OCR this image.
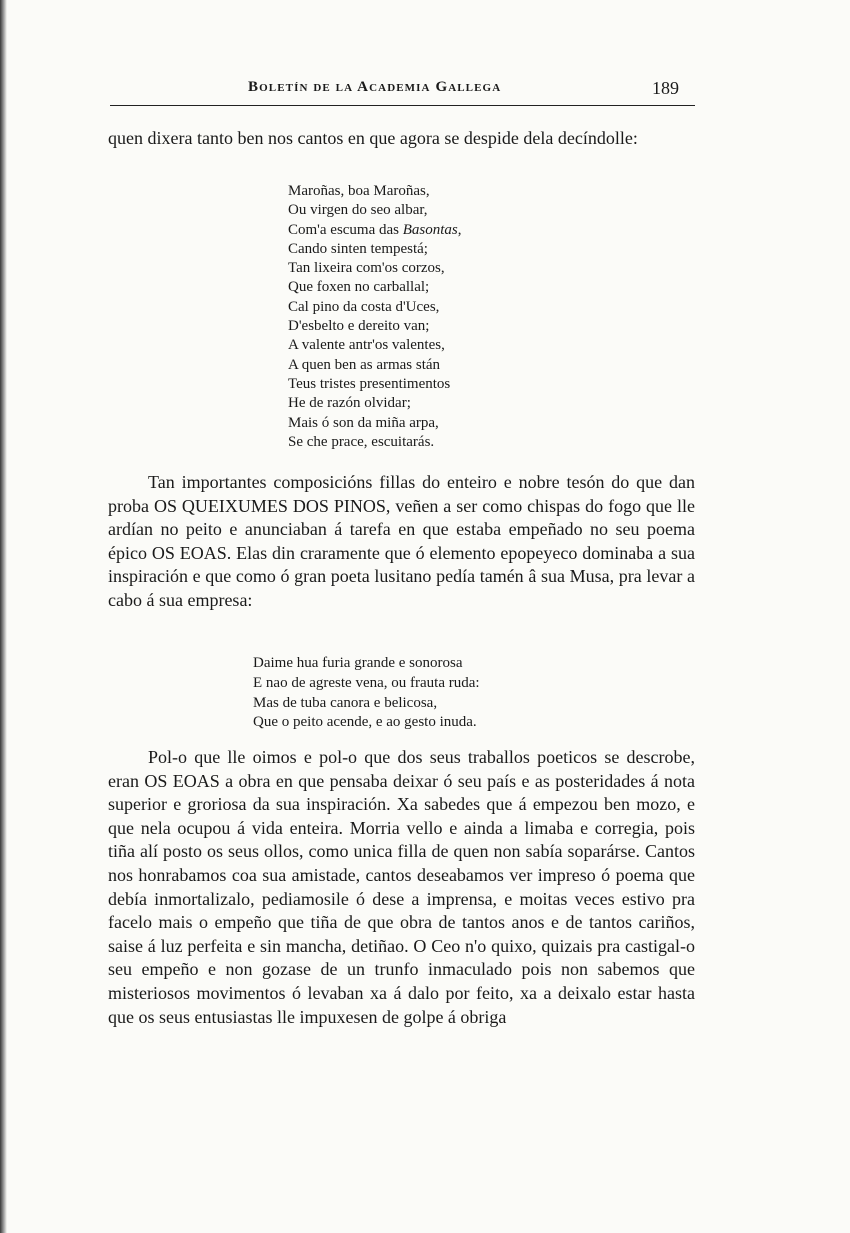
Boletín de la Academia Gallega	189

quen dixera tanto ben nos cantos en que agora se despide dela decíndolle:

Maroñas, boa Maroñas,
Ou virgen do seo albar,
Com'a escuma das Basontas,
Cando sinten tempestá;
Tan lixeira com'os corzos,
Que foxen no carballal;
Cal pino da costa d'Uces,
D'esbelto e dereito van;
A valente antr'os valentes,
A quen ben as armas stán
Teus tristes presentimentos
He de razón olvidar;
Mais ó son da miña arpa,
Se che prace, escuitarás.

Tan importantes composicións fillas do enteiro e nobre tesón do que dan proba OS QUEIXUMES DOS PINOS, veñen a ser como chispas do fogo que lle ardían no peito e anunciaban á tarefa en que estaba empeñado no seu poema épico OS EOAS. Elas din craramente que ó elemento epopeyeco dominaba a sua inspiración e que como ó gran poeta lusitano pedía tamén â sua Musa, pra levar a cabo á sua empresa:

Daime hua furia grande e sonorosa
E nao de agreste vena, ou frauta ruda:
Mas de tuba canora e belicosa,
Que o peito acende, e ao gesto inuda.

Pol-o que lle oimos e pol-o que dos seus traballos poeticos se descrobe, eran OS EOAS a obra en que pensaba deixar ó seu país e as posteridades á nota superior e groriosa da sua inspiración. Xa sabedes que á empezou ben mozo, e que nela ocupou á vida enteira. Morria vello e ainda a limaba e corregia, pois tiña alí posto os seus ollos, como unica filla de quen non sabía soparárse. Cantos nos honrabamos coa sua amistade, cantos deseabamos ver impreso ó poema que debía inmortalizalo, pediamosile ó dese a imprensa, e moitas veces estivo pra facelo mais o empeño que tiña de que obra de tantos anos e de tantos cariños, saise á luz perfeita e sin mancha, detiñao. O Ceo n'o quixo, quizais pra castigal-o seu empeño e non gozase de un trunfo inmaculado pois non sabemos que misteriosos movimentos ó levaban xa á dalo por feito, xa a deixalo estar hasta que os seus entusiastas lle impuxesen de golpe á obriga
